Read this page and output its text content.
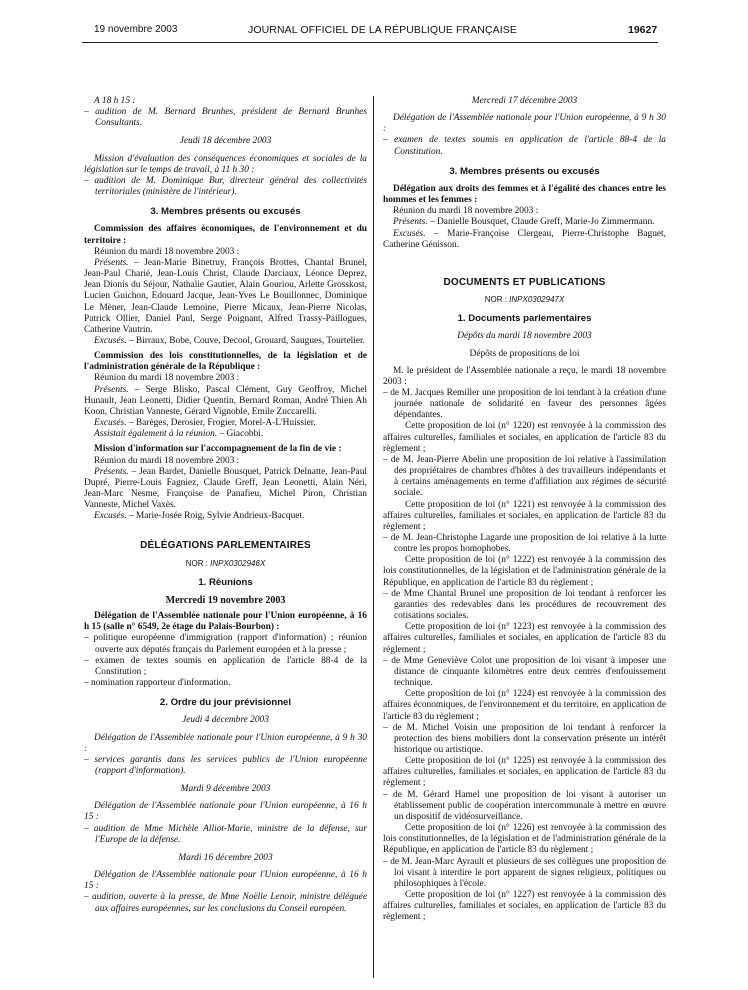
19 novembre 2003	JOURNAL OFFICIEL DE LA RÉPUBLIQUE FRANÇAISE	19627

A 18 h 15 :

– audition de M. Bernard Brunhes, président de Bernard Brunhes Consultants.

Jeudi 18 décembre 2003

Mission d'évaluation des conséquences économiques et sociales de la législation sur le temps de travail, à 11 h 30 :

– audition de M. Dominique Bur, directeur général des collectivités territoriales (ministère de l'intérieur).

3. Membres présents ou excusés

Commission des affaires économiques, de l'environnement et du territoire :

Réunion du mardi 18 novembre 2003 :

Présents. – Jean-Marie Binetruy, François Brottes, Chantal Brunel, Jean-Paul Charié, Jean-Louis Christ, Claude Darciaux, Léonce Deprez, Jean Dionis du Séjour, Nathalie Gautier, Alain Gouriou, Arlette Grosskost, Lucien Guichon, Edouard Jacque, Jean-Yves Le Bouillonnec, Dominique Le Mèner, Jean-Claude Lemoine, Pierre Micaux, Jean-Pierre Nicolas, Patrick Ollier, Daniel Paul, Serge Poignant, Alfred Trassy-Paillogues, Catherine Vautrin.

Excusés. – Birraux, Bobe, Couve, Decool, Grouard, Saugues, Tourtelier.

Commission des lois constitutionnelles, de la législation et de l'administration générale de la République :

Réunion du mardi 18 novembre 2003 :

Présents. – Serge Blisko, Pascal Clément, Guy Geoffroy, Michel Hunault, Jean Leonetti, Didier Quentin, Bernard Roman, André Thien Ah Koon, Christian Vanneste, Gérard Vignoble, Emile Zuccarelli.

Excusés. – Barèges, Derosier, Frogier, Morel-A-L'Huissier.

Assistait également à la réunion. – Giacobbi.

Mission d'information sur l'accompagnement de la fin de vie :

Réunion du mardi 18 novembre 2003 :

Présents. – Jean Bardet, Danielle Bousquet, Patrick Delnatte, Jean-Paul Dupré, Pierre-Louis Fagniez, Claude Greff, Jean Leonetti, Alain Néri, Jean-Marc Nesme, Françoise de Panafieu, Michel Piron, Christian Vanneste, Michel Vaxès.

Excusés. – Marie-Josée Roig, Sylvie Andrieux-Bacquet.

DÉLÉGATIONS PARLEMENTAIRES
NOR : INPX0302946X
1. Réunions

Mercredi 19 novembre 2003

Délégation de l'Assemblée nationale pour l'Union européenne, à 16 h 15 (salle n° 6549, 2e étage du Palais-Bourbon) :

– politique européenne d'immigration (rapport d'information) ; réunion ouverte aux députés français du Parlement européen et à la presse ;

– examen de textes soumis en application de l'article 88-4 de la Constitution ;

– nomination rapporteur d'information.

2. Ordre du jour prévisionnel

Jeudi 4 décembre 2003

Délégation de l'Assemblée nationale pour l'Union européenne, à 9 h 30 :

– services garantis dans les services publics de l'Union européenne (rapport d'information).

Mardi 9 décembre 2003

Délégation de l'Assemblée nationale pour l'Union européenne, à 16 h 15 :

– audition de Mme Michèle Alliot-Marie, ministre de la défense, sur l'Europe de la défense.

Mardi 16 décembre 2003

Délégation de l'Assemblée nationale pour l'Union européenne, à 16 h 15 :

– audition, ouverte à la presse, de Mme Noëlle Lenoir, ministre déléguée aux affaires européennes, sur les conclusions du Conseil européen.

Mercredi 17 décembre 2003

Délégation de l'Assemblée nationale pour l'Union européenne, à 9 h 30 :

– examen de textes soumis en application de l'article 88-4 de la Constitution.

3. Membres présents ou excusés

Délégation aux droits des femmes et à l'égalité des chances entre les hommes et les femmes :

Réunion du mardi 18 novembre 2003 :

Présents. – Danielle Bousquet, Claude Greff, Marie-Jo Zimmermann.

Excusés. – Marie-Françoise Clergeau, Pierre-Christophe Baguet, Catherine Génisson.

DOCUMENTS ET PUBLICATIONS
NOR : INPX0302947X
1. Documents parlementaires

Dépôts du mardi 18 novembre 2003

Dépôts de propositions de loi

M. le président de l'Assemblée nationale a reçu, le mardi 18 novembre 2003 :

– de M. Jacques Remiller une proposition de loi tendant à la création d'une journée nationale de solidarité en faveur des personnes âgées dépendantes.

Cette proposition de loi (n° 1220) est renvoyée à la commission des affaires culturelles, familiales et sociales, en application de l'article 83 du règlement ;

– de M. Jean-Pierre Abelin une proposition de loi relative à l'assimilation des propriétaires de chambres d'hôtes à des travailleurs indépendants et à certains aménagements en terme d'affiliation aux régimes de sécurité sociale.

Cette proposition de loi (n° 1221) est renvoyée à la commission des affaires culturelles, familiales et sociales, en application de l'article 83 du règlement ;

– de M. Jean-Christophe Lagarde une proposition de loi relative à la lutte contre les propos homophobes.

Cette proposition de loi (n° 1222) est renvoyée à la commission des lois constitutionnelles, de la législation et de l'administration générale de la République, en application de l'article 83 du règlement ;

– de Mme Chantal Brunel une proposition de loi tendant à renforcer les garanties des redevables dans les procédures de recouvrement des cotisations sociales.

Cette proposition de loi (n° 1223) est renvoyée à la commission des affaires culturelles, familiales et sociales, en application de l'article 83 du règlement ;

– de Mme Geneviève Colot une proposition de loi visant à imposer une distance de cinquante kilomètres entre deux centres d'enfouissement technique.

Cette proposition de loi (n° 1224) est renvoyée à la commission des affaires économiques, de l'environnement et du territoire, en application de l'article 83 du règlement ;

– de M. Michel Voisin une proposition de loi tendant à renforcer la protection des biens mobiliers dont la conservation présente un intérêt historique ou artistique.

Cette proposition de loi (n° 1225) est renvoyée à la commission des affaires culturelles, familiales et sociales, en application de l'article 83 du règlement ;

– de M. Gérard Hamel une proposition de loi visant à autoriser un établissement public de coopération intercommunale à mettre en œuvre un dispositif de vidéosurveillance.

Cette proposition de loi (n° 1226) est renvoyée à la commission des lois constitutionnelles, de la législation et de l'administration générale de la République, en application de l'article 83 du règlement ;

– de M. Jean-Marc Ayrault et plusieurs de ses collègues une proposition de loi visant à interdire le port apparent de signes religieux, politiques ou philosophiques à l'école.

Cette proposition de loi (n° 1227) est renvoyée à la commission des affaires culturelles, familiales et sociales, en application de l'article 83 du règlement ;
